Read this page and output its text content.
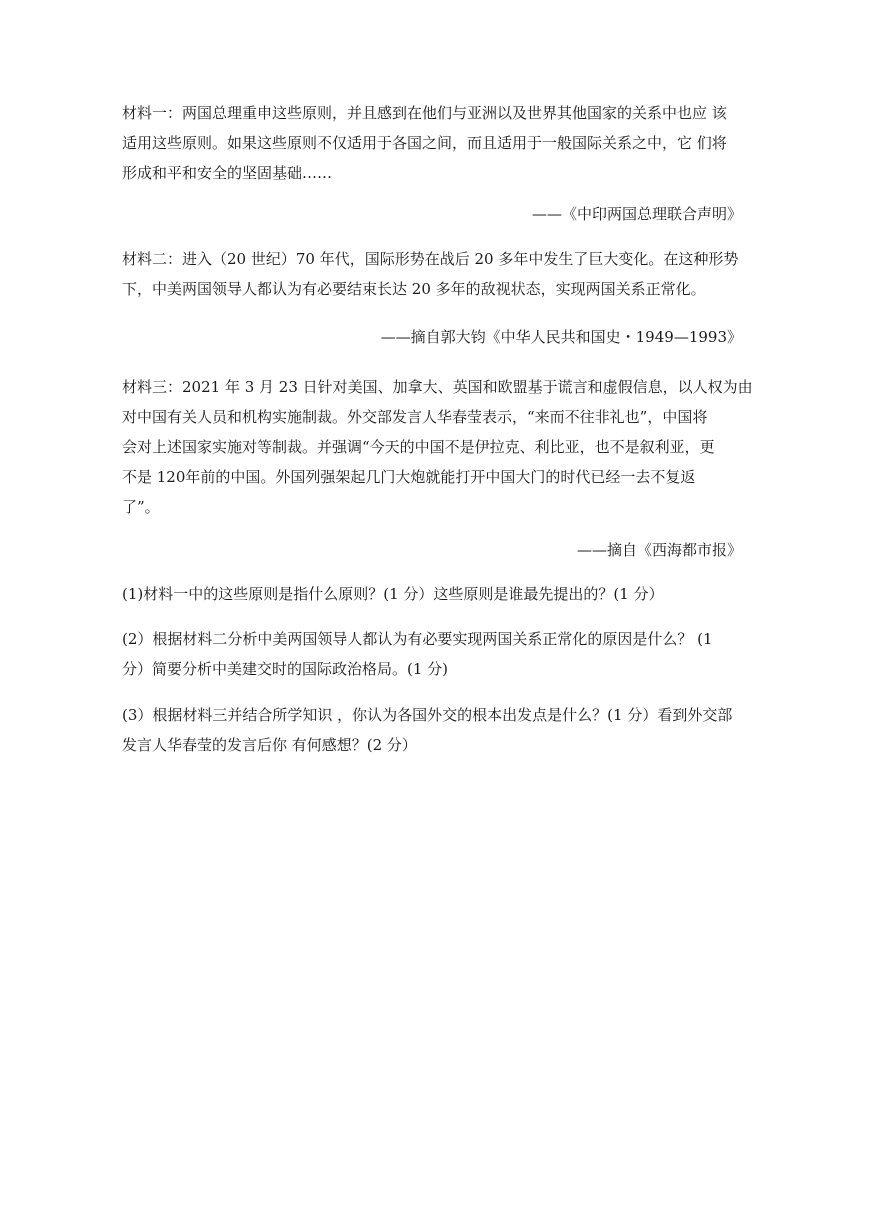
材料一：两国总理重申这些原则，并且感到在他们与亚洲以及世界其他国家的关系中也应 该
适用这些原则。如果这些原则不仅适用于各国之间，而且适用于一般国际关系之中，它 们将
形成和平和安全的坚固基础……

——《中印两国总理联合声明》

材料二：进入（20 世纪）70 年代，国际形势在战后 20 多年中发生了巨大变化。在这种形势
下，中美两国领导人都认为有必要结束长达 20 多年的敌视状态，实现两国关系正常化。

——摘自郭大钧《中华人民共和国史・1949—1993》

材料三：2021 年 3 月 23 日针对美国、加拿大、英国和欧盟基于谎言和虚假信息，以人权为由
对中国有关人员和机构实施制裁。外交部发言人华春莹表示，“来而不往非礼也”，中国将
会对上述国家实施对等制裁。并强调“今天的中国不是伊拉克、利比亚，也不是叙利亚，更
不是 120年前的中国。外国列强架起几门大炮就能打开中国大门的时代已经一去不复返
了”。

——摘自《西海都市报》

(1)材料一中的这些原则是指什么原则？(1 分）这些原则是谁最先提出的？(1 分）
(2）根据材料二分析中美两国领导人都认为有必要实现两国关系正常化的原因是什么？ (1
分）简要分析中美建交时的国际政治格局。(1 分)
(3）根据材料三并结合所学知识 ，你认为各国外交的根本出发点是什么？(1 分）看到外交部
发言人华春莹的发言后你 有何感想？(2 分）
